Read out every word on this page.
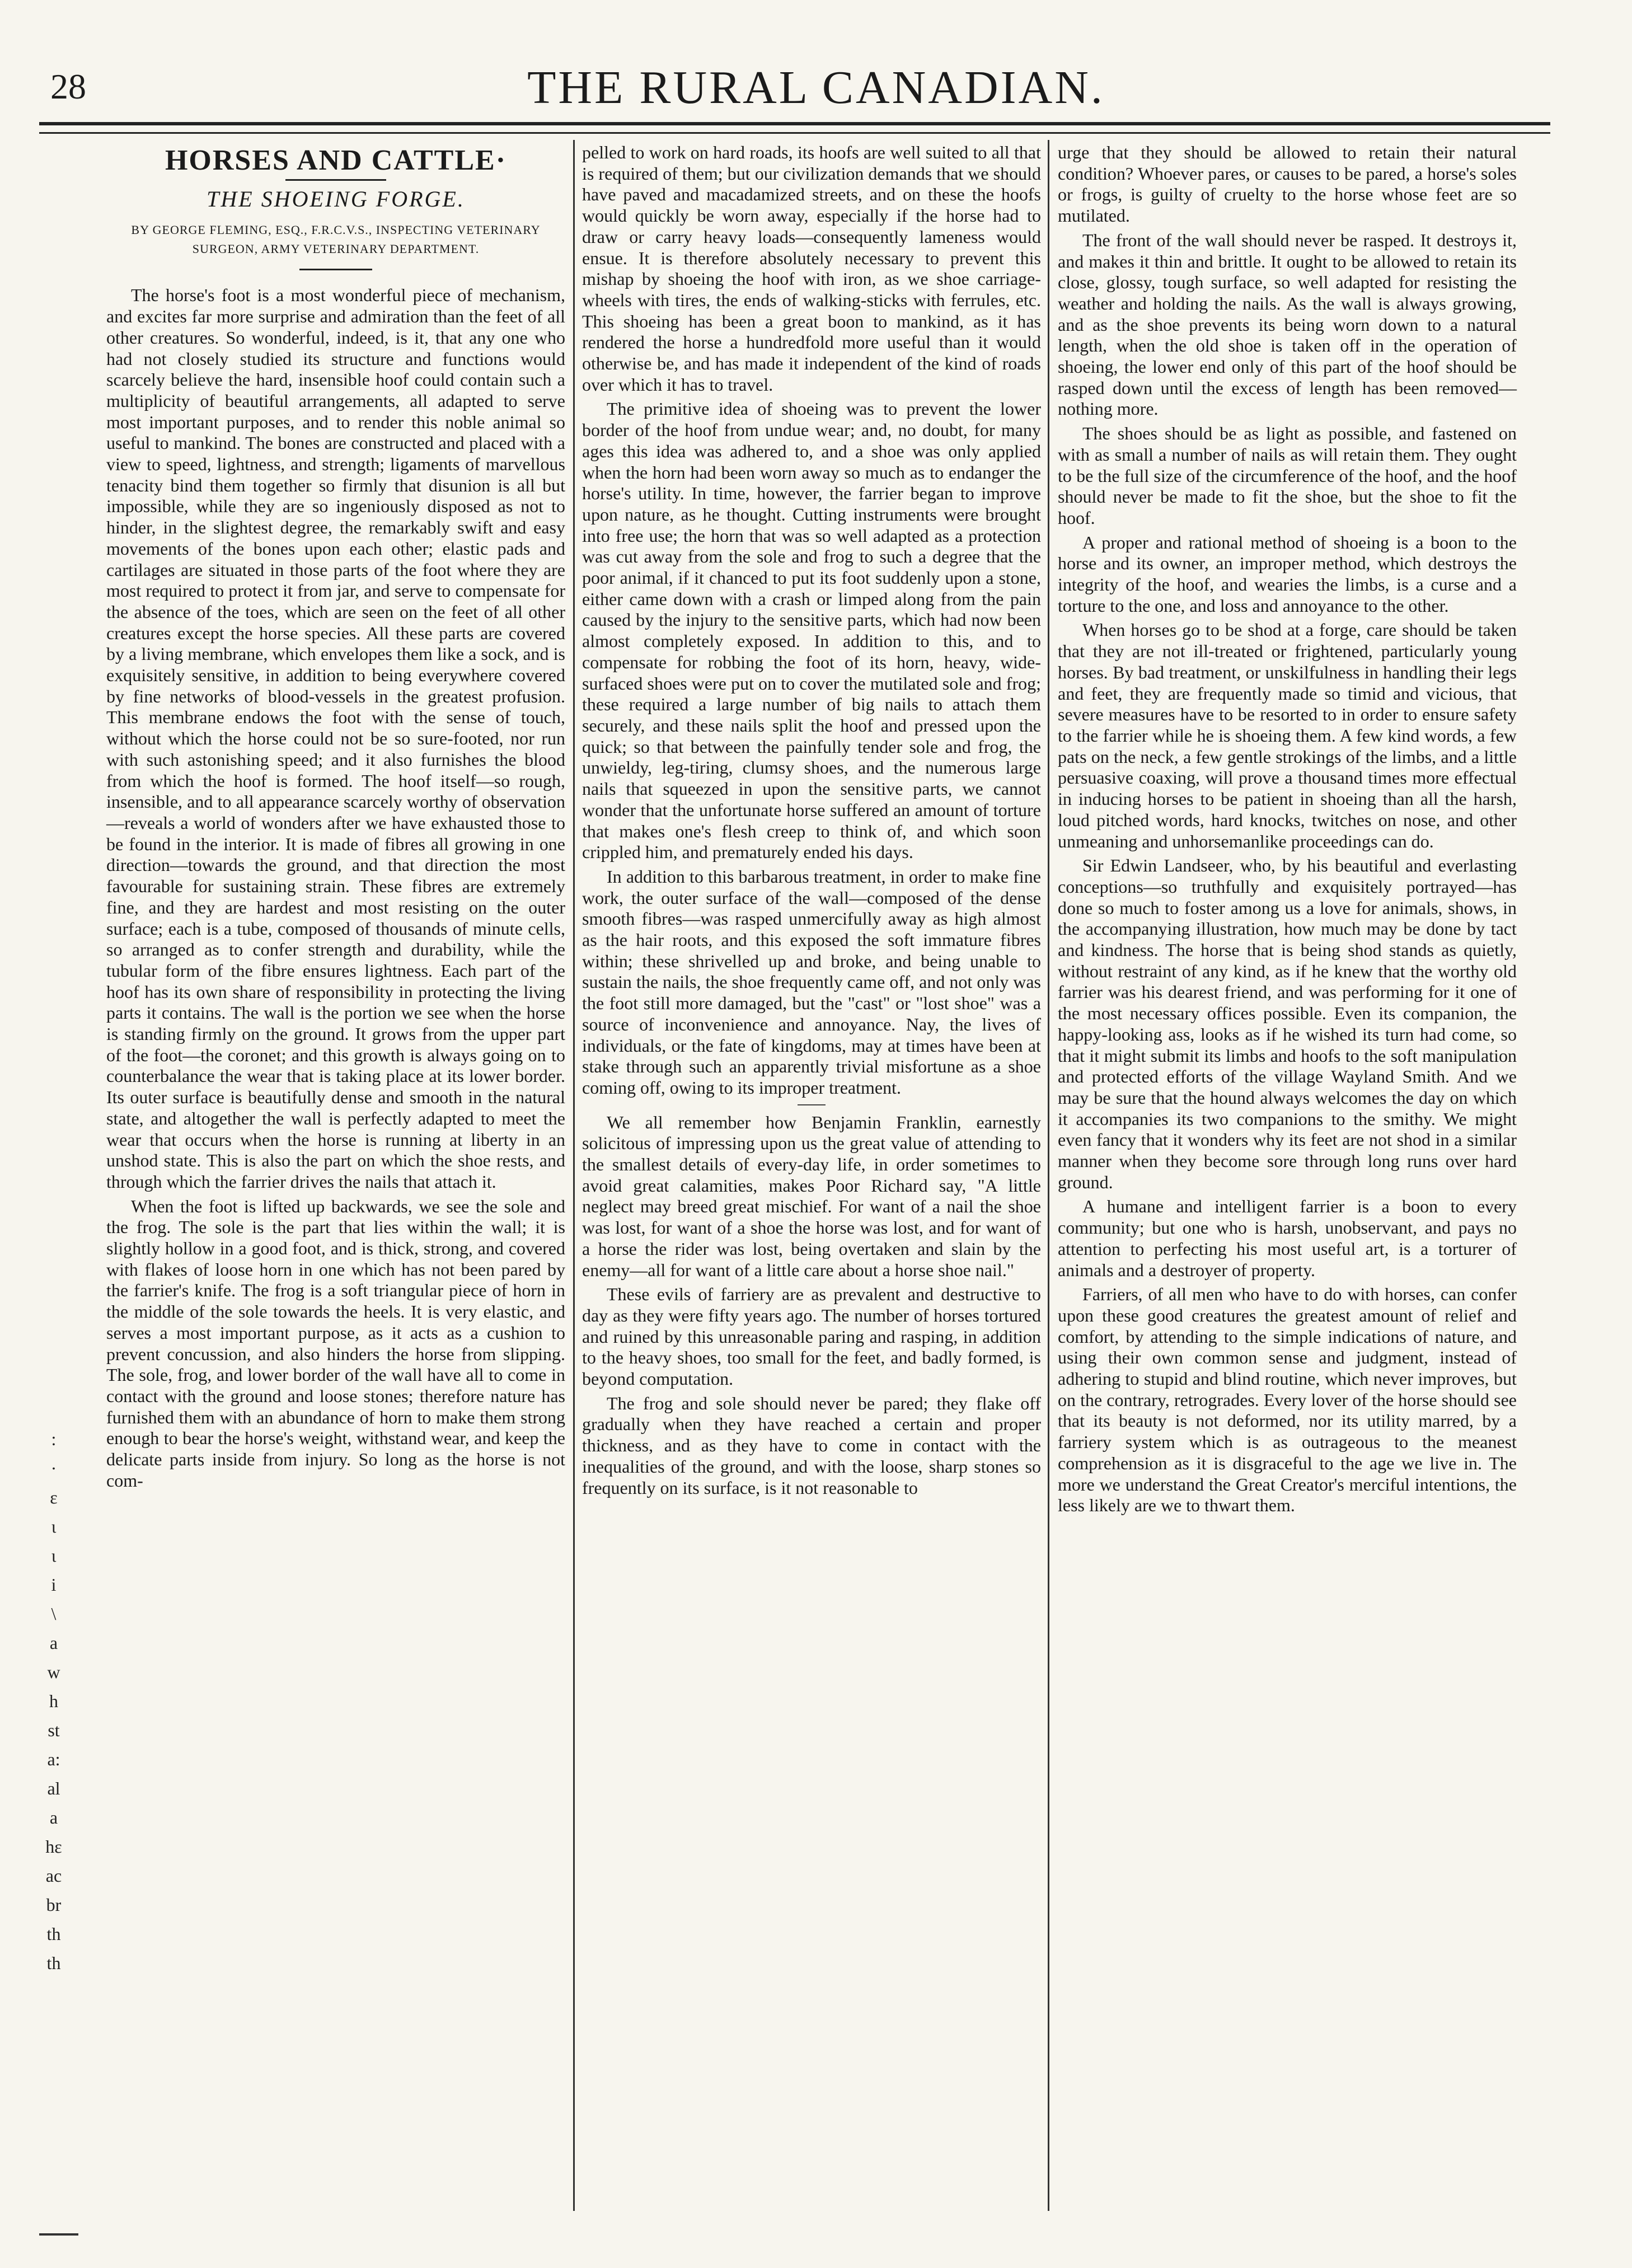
28	THE RURAL CANADIAN.
HORSES AND CATTLE·
THE SHOEING FORGE.
BY GEORGE FLEMING, ESQ., F.R.C.V.S., INSPECTING VETERINARY SURGEON, ARMY VETERINARY DEPARTMENT.

The horse's foot is a most wonderful piece of mechanism, and excites far more surprise and admiration than the feet of all other creatures. So wonderful, indeed, is it, that any one who had not closely studied its structure and functions would scarcely believe the hard, insensible hoof could contain such a multiplicity of beautiful arrangements, all adapted to serve most important purposes, and to render this noble animal so useful to mankind. The bones are constructed and placed with a view to speed, lightness, and strength; ligaments of marvellous tenacity bind them together so firmly that disunion is all but impossible, while they are so ingeniously disposed as not to hinder, in the slightest degree, the remarkably swift and easy movements of the bones upon each other; elastic pads and cartilages are situated in those parts of the foot where they are most required to protect it from jar, and serve to compensate for the absence of the toes, which are seen on the feet of all other creatures except the horse species. All these parts are covered by a living membrane, which envelopes them like a sock, and is exquisitely sensitive, in addition to being everywhere covered by fine networks of blood-vessels in the greatest profusion. This membrane endows the foot with the sense of touch, without which the horse could not be so sure-footed, nor run with such astonishing speed; and it also furnishes the blood from which the hoof is formed. The hoof itself—so rough, insensible, and to all appearance scarcely worthy of observation—reveals a world of wonders after we have exhausted those to be found in the interior. It is made of fibres all growing in one direction—towards the ground, and that direction the most favourable for sustaining strain. These fibres are extremely fine, and they are hardest and most resisting on the outer surface; each is a tube, composed of thousands of minute cells, so arranged as to confer strength and durability, while the tubular form of the fibre ensures lightness. Each part of the hoof has its own share of responsibility in protecting the living parts it contains. The wall is the portion we see when the horse is standing firmly on the ground. It grows from the upper part of the foot—the coronet; and this growth is always going on to counterbalance the wear that is taking place at its lower border. Its outer surface is beautifully dense and smooth in the natural state, and altogether the wall is perfectly adapted to meet the wear that occurs when the horse is running at liberty in an unshod state. This is also the part on which the shoe rests, and through which the farrier drives the nails that attach it.

When the foot is lifted up backwards, we see the sole and the frog. The sole is the part that lies within the wall; it is slightly hollow in a good foot, and is thick, strong, and covered with flakes of loose horn in one which has not been pared by the farrier's knife. The frog is a soft triangular piece of horn in the middle of the sole towards the heels. It is very elastic, and serves a most important purpose, as it acts as a cushion to prevent concussion, and also hinders the horse from slipping. The sole, frog, and lower border of the wall have all to come in contact with the ground and loose stones; therefore nature has furnished them with an abundance of horn to make them strong enough to bear the horse's weight, withstand wear, and keep the delicate parts inside from injury. So long as the horse is not com-

pelled to work on hard roads, its hoofs are well suited to all that is required of them; but our civilization demands that we should have paved and macadamized streets, and on these the hoofs would quickly be worn away, especially if the horse had to draw or carry heavy loads—consequently lameness would ensue. It is therefore absolutely necessary to prevent this mishap by shoeing the hoof with iron, as we shoe carriage-wheels with tires, the ends of walking-sticks with ferrules, etc. This shoeing has been a great boon to mankind, as it has rendered the horse a hundredfold more useful than it would otherwise be, and has made it independent of the kind of roads over which it has to travel.

The primitive idea of shoeing was to prevent the lower border of the hoof from undue wear; and, no doubt, for many ages this idea was adhered to, and a shoe was only applied when the horn had been worn away so much as to endanger the horse's utility. In time, however, the farrier began to improve upon nature, as he thought. Cutting instruments were brought into free use; the horn that was so well adapted as a protection was cut away from the sole and frog to such a degree that the poor animal, if it chanced to put its foot suddenly upon a stone, either came down with a crash or limped along from the pain caused by the injury to the sensitive parts, which had now been almost completely exposed. In addition to this, and to compensate for robbing the foot of its horn, heavy, wide-surfaced shoes were put on to cover the mutilated sole and frog; these required a large number of big nails to attach them securely, and these nails split the hoof and pressed upon the quick; so that between the painfully tender sole and frog, the unwieldy, leg-tiring, clumsy shoes, and the numerous large nails that squeezed in upon the sensitive parts, we cannot wonder that the unfortunate horse suffered an amount of torture that makes one's flesh creep to think of, and which soon crippled him, and prematurely ended his days.

In addition to this barbarous treatment, in order to make fine work, the outer surface of the wall—composed of the dense smooth fibres—was rasped unmercifully away as high almost as the hair roots, and this exposed the soft immature fibres within; these shrivelled up and broke, and being unable to sustain the nails, the shoe frequently came off, and not only was the foot still more damaged, but the "cast" or "lost shoe" was a source of inconvenience and annoyance. Nay, the lives of individuals, or the fate of kingdoms, may at times have been at stake through such an apparently trivial misfortune as a shoe coming off, owing to its improper treatment.

We all remember how Benjamin Franklin, earnestly solicitous of impressing upon us the great value of attending to the smallest details of every-day life, in order sometimes to avoid great calamities, makes Poor Richard say, "A little neglect may breed great mischief. For want of a nail the shoe was lost, for want of a shoe the horse was lost, and for want of a horse the rider was lost, being overtaken and slain by the enemy—all for want of a little care about a horse shoe nail."

These evils of farriery are as prevalent and destructive to day as they were fifty years ago. The number of horses tortured and ruined by this unreasonable paring and rasping, in addition to the heavy shoes, too small for the feet, and badly formed, is beyond computation.

The frog and sole should never be pared; they flake off gradually when they have reached a certain and proper thickness, and as they have to come in contact with the inequalities of the ground, and with the loose, sharp stones so frequently on its surface, is it not reasonable to

urge that they should be allowed to retain their natural condition? Whoever pares, or causes to be pared, a horse's soles or frogs, is guilty of cruelty to the horse whose feet are so mutilated.

The front of the wall should never be rasped. It destroys it, and makes it thin and brittle. It ought to be allowed to retain its close, glossy, tough surface, so well adapted for resisting the weather and holding the nails. As the wall is always growing, and as the shoe prevents its being worn down to a natural length, when the old shoe is taken off in the operation of shoeing, the lower end only of this part of the hoof should be rasped down until the excess of length has been removed—nothing more.

The shoes should be as light as possible, and fastened on with as small a number of nails as will retain them. They ought to be the full size of the circumference of the hoof, and the hoof should never be made to fit the shoe, but the shoe to fit the hoof.

A proper and rational method of shoeing is a boon to the horse and its owner, an improper method, which destroys the integrity of the hoof, and wearies the limbs, is a curse and a torture to the one, and loss and annoyance to the other.

When horses go to be shod at a forge, care should be taken that they are not ill-treated or frightened, particularly young horses. By bad treatment, or unskilfulness in handling their legs and feet, they are frequently made so timid and vicious, that severe measures have to be resorted to in order to ensure safety to the farrier while he is shoeing them. A few kind words, a few pats on the neck, a few gentle strokings of the limbs, and a little persuasive coaxing, will prove a thousand times more effectual in inducing horses to be patient in shoeing than all the harsh, loud pitched words, hard knocks, twitches on nose, and other unmeaning and unhorsemanlike proceedings can do.

Sir Edwin Landseer, who, by his beautiful and everlasting conceptions—so truthfully and exquisitely portrayed—has done so much to foster among us a love for animals, shows, in the accompanying illustration, how much may be done by tact and kindness. The horse that is being shod stands as quietly, without restraint of any kind, as if he knew that the worthy old farrier was his dearest friend, and was performing for it one of the most necessary offices possible. Even its companion, the happy-looking ass, looks as if he wished its turn had come, so that it might submit its limbs and hoofs to the soft manipulation and protected efforts of the village Wayland Smith. And we may be sure that the hound always welcomes the day on which it accompanies its two companions to the smithy. We might even fancy that it wonders why its feet are not shod in a similar manner when they become sore through long runs over hard ground.

A humane and intelligent farrier is a boon to every community; but one who is harsh, unobservant, and pays no attention to perfecting his most useful art, is a torturer of animals and a destroyer of property.

Farriers, of all men who have to do with horses, can confer upon these good creatures the greatest amount of relief and comfort, by attending to the simple indications of nature, and using their own common sense and judgment, instead of adhering to stupid and blind routine, which never improves, but on the contrary, retrogrades. Every lover of the horse should see that its beauty is not deformed, nor its utility marred, by a farriery system which is as outrageous to the meanest comprehension as it is disgraceful to the age we live in. The more we understand the Great Creator's merciful intentions, the less likely are we to thwart them.

:
·
ε
ι
ι
i
\
a
w
h
st
a:
al
a
hε
ac
br
th
th
